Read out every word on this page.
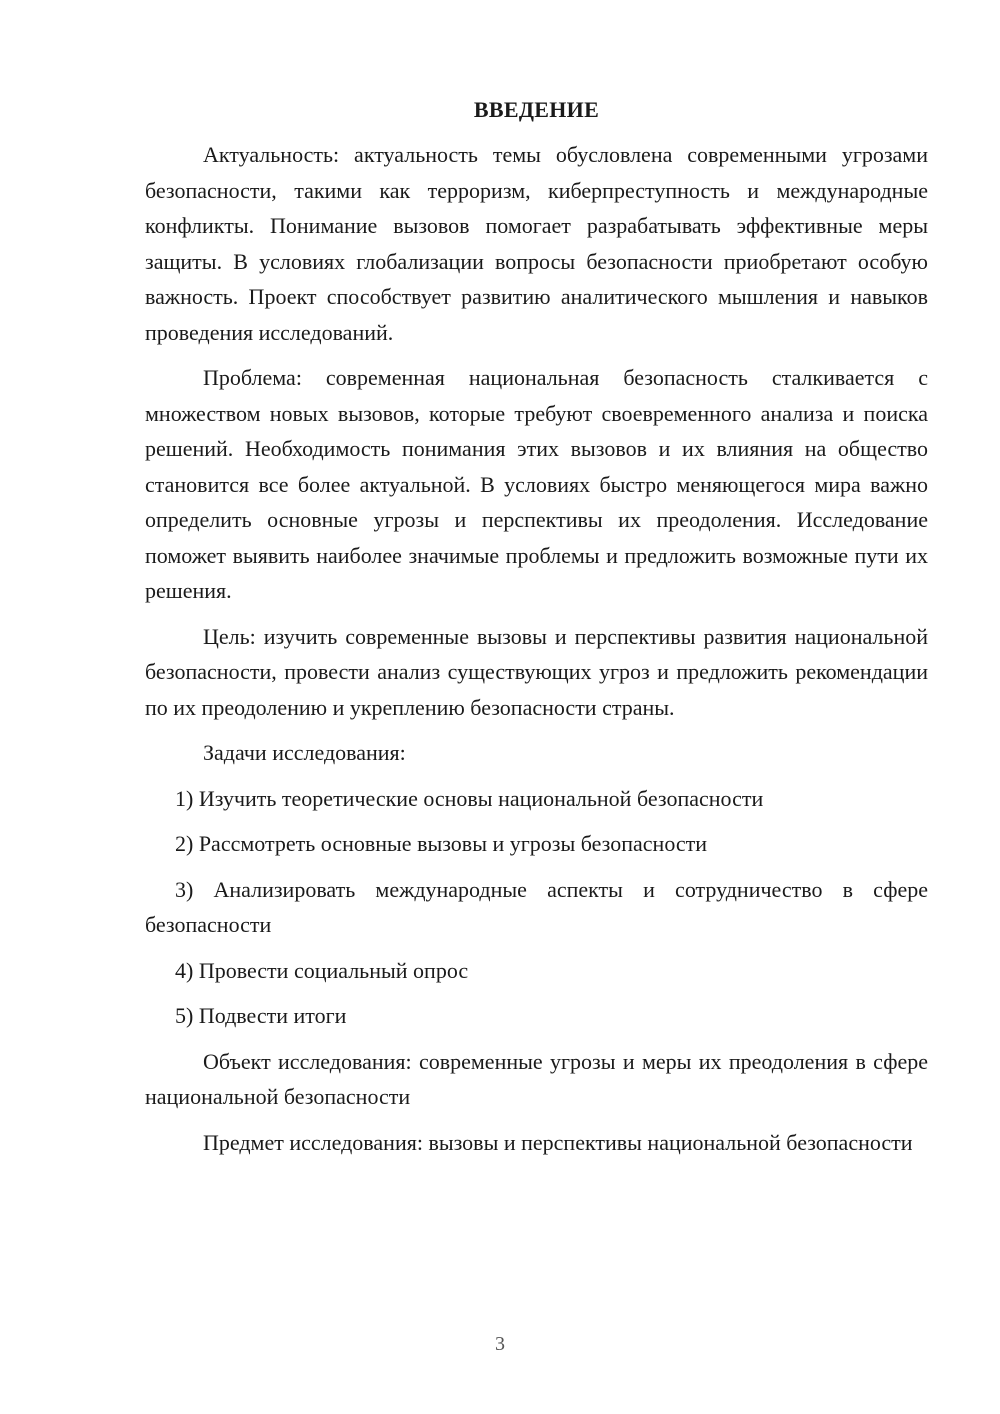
ВВЕДЕНИЕ

Актуальность: актуальность темы обусловлена современными угрозами безопасности, такими как терроризм, киберпреступность и международные конфликты. Понимание вызовов помогает разрабатывать эффективные меры защиты. В условиях глобализации вопросы безопасности приобретают особую важность. Проект способствует развитию аналитического мышления и навыков проведения исследований.

Проблема: современная национальная безопасность сталкивается с множеством новых вызовов, которые требуют своевременного анализа и поиска решений. Необходимость понимания этих вызовов и их влияния на общество становится все более актуальной. В условиях быстро меняющегося мира важно определить основные угрозы и перспективы их преодоления. Исследование поможет выявить наиболее значимые проблемы и предложить возможные пути их решения.

Цель: изучить современные вызовы и перспективы развития национальной безопасности, провести анализ существующих угроз и предложить рекомендации по их преодолению и укреплению безопасности страны.

Задачи исследования:

1) Изучить теоретические основы национальной безопасности

2) Рассмотреть основные вызовы и угрозы безопасности

3) Анализировать международные аспекты и сотрудничество в сфере безопасности

4) Провести социальный опрос

5) Подвести итоги

Объект исследования: современные угрозы и меры их преодоления в сфере национальной безопасности

Предмет исследования: вызовы и перспективы национальной безопасности

3
